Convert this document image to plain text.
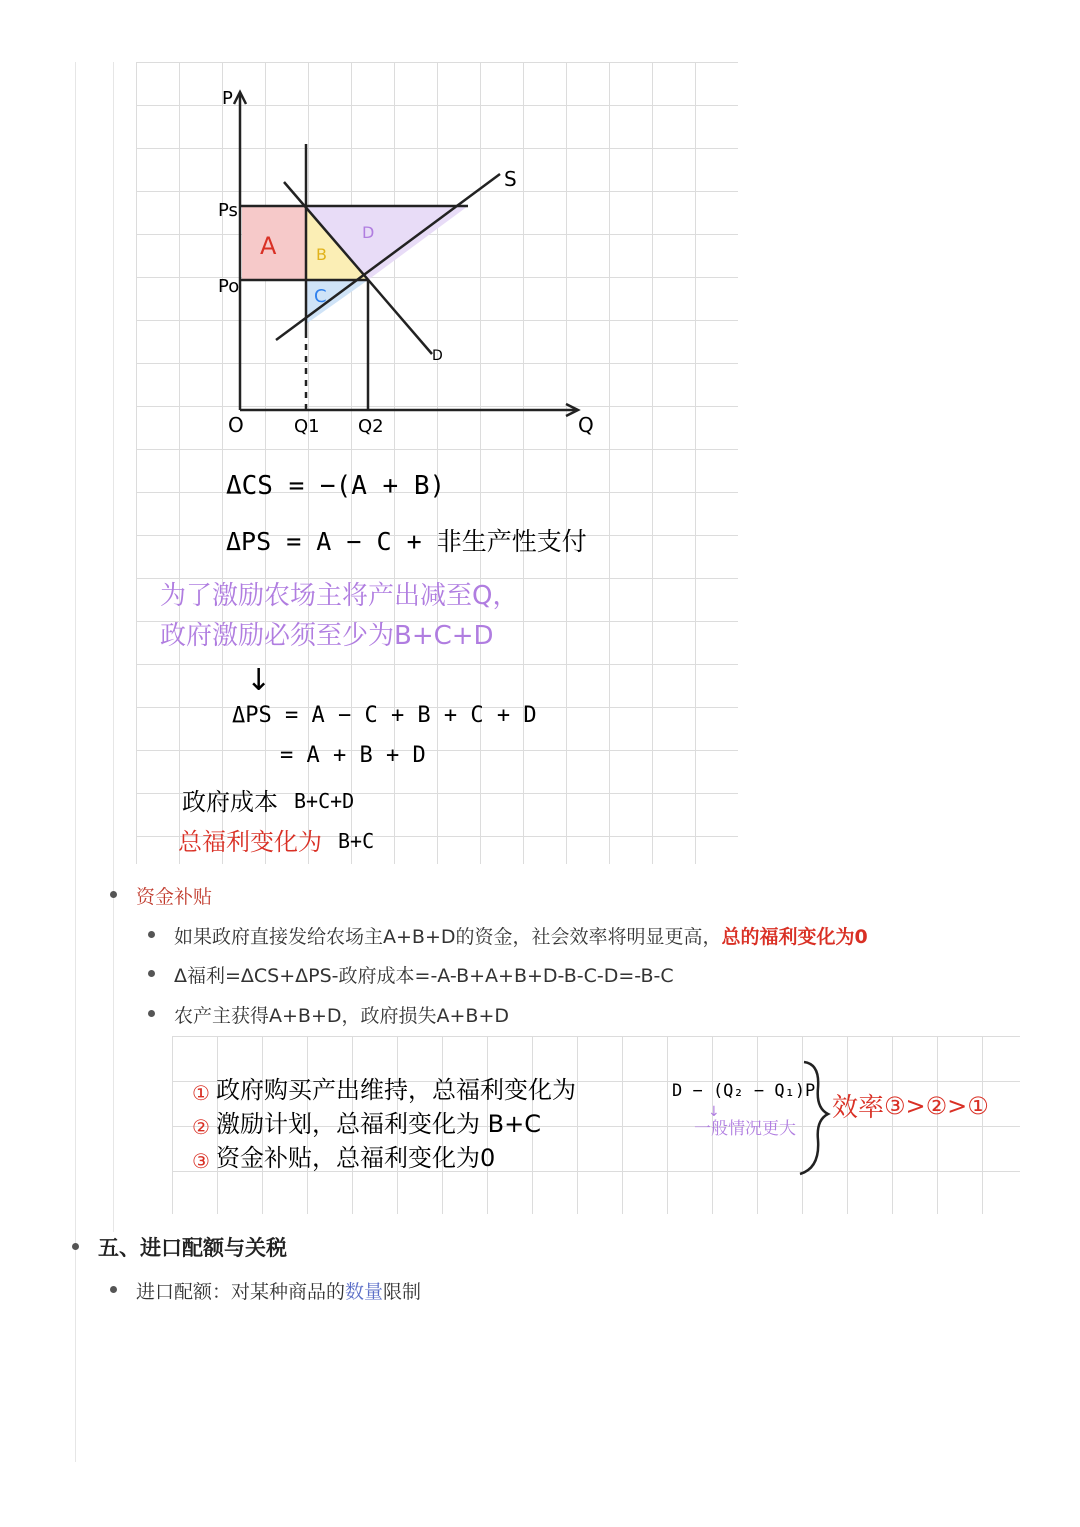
P
S
Ps
Po
D
O	Q1 Q2	Q
A B
C
D
ΔCS = −(A + B)
ΔPS = A − C + 非生产性支付
为了激励农场主将产出减至Q，
政府激励必须至少为B+C+D
↓
ΔPS = A − C + B + C + D
= A + B + D
政府成本 B+C+D
总福利变化为 B+C
资金补贴
如果政府直接发给农场主A+B+D的资金，社会效率将明显更高，总的福利变化为0
Δ福利=ΔCS+ΔPS-政府成本=-A-B+A+B+D-B-C-D=-B-C
农产主获得A+B+D，政府损失A+B+D
① 政府购买产出维持，总福利变化为	D − (Q₂ − Q₁)P
② 激励计划，总福利变化为 B+C	↓
一般情况更大
③ 资金补贴，总福利变化为0
效率 ③>②>①
五、进口配额与关税
进口配额：对某种商品的数量限制
